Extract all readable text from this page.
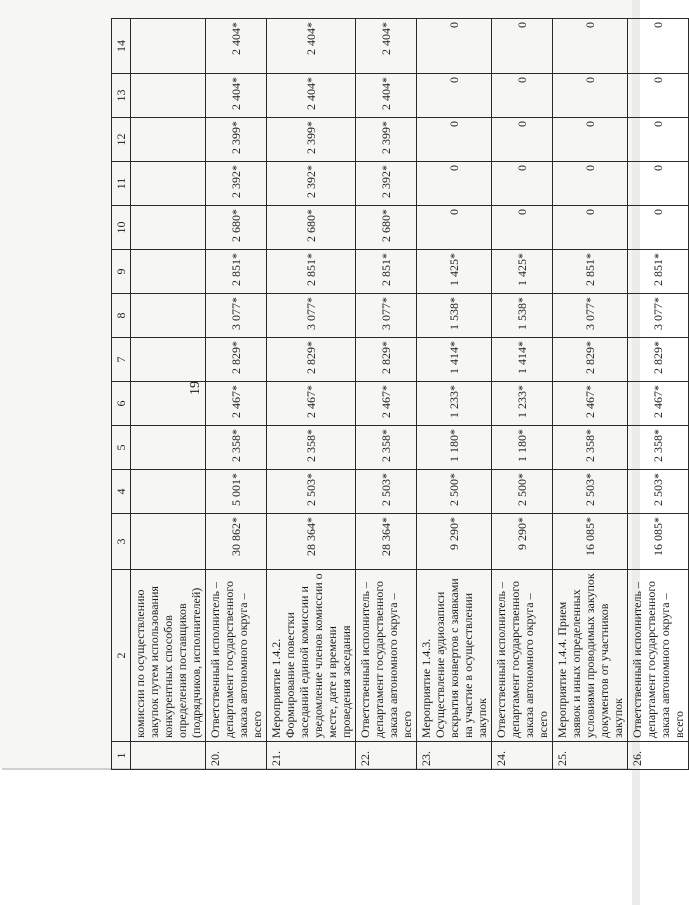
19
1	2	3	4	5	6	7	8	9	10	11	12	13	14
	комиссии по осуществлению закупок путем использования конкурентных способов определения поставщиков (подрядчиков, исполнителей)												
20.	Ответственный исполнитель – департамент государственного заказа автономного округа – всего	30 862*	5 001*	2 358*	2 467*	2 829*	3 077*	2 851*	2 680*	2 392*	2 399*	2 404*	2 404*
21.	Мероприятие 1.4.2. Формирование повестки заседаний единой комиссии и уведомление членов комиссии о месте, дате и времени проведения заседания	28 364*	2 503*	2 358*	2 467*	2 829*	3 077*	2 851*	2 680*	2 392*	2 399*	2 404*	2 404*
22.	Ответственный исполнитель – департамент государственного заказа автономного округа – всего	28 364*	2 503*	2 358*	2 467*	2 829*	3 077*	2 851*	2 680*	2 392*	2 399*	2 404*	2 404*
23.	Мероприятие 1.4.3. Осуществление аудиозаписи вскрытия конвертов с заявками на участие в осуществлении закупок	9 290*	2 500*	1 180*	1 233*	1 414*	1 538*	1 425*	0	0	0	0	0
24.	Ответственный исполнитель – департамент государственного заказа автономного округа – всего	9 290*	2 500*	1 180*	1 233*	1 414*	1 538*	1 425*	0	0	0	0	0
25.	Мероприятие 1.4.4. Прием заявок и иных определенных условиями проводимых закупок документов от участников закупок	16 085*	2 503*	2 358*	2 467*	2 829*	3 077*	2 851*	0	0	0	0	0
26.	Ответственный исполнитель – департамент государственного заказа автономного округа – всего	16 085*	2 503*	2 358*	2 467*	2 829*	3 077*	2 851*	0	0	0	0	0
